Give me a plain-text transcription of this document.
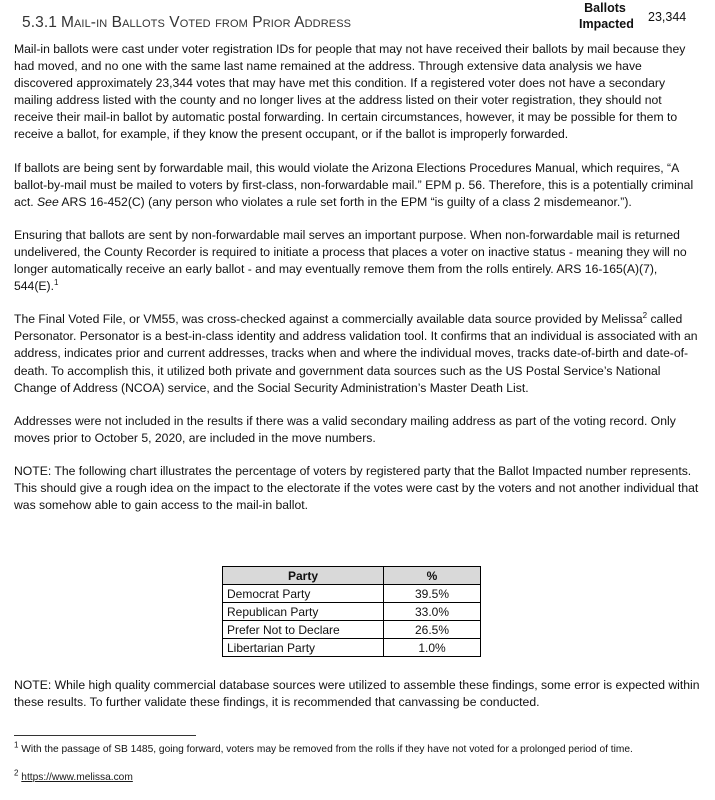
5.3.1 Mail-in Ballots Voted from Prior Address
Ballots Impacted 23,344

Mail-in ballots were cast under voter registration IDs for people that may not have received their ballots by mail because they had moved, and no one with the same last name remained at the address. Through extensive data analysis we have discovered approximately 23,344 votes that may have met this condition. If a registered voter does not have a secondary mailing address listed with the county and no longer lives at the address listed on their voter registration, they should not receive their mail-in ballot by automatic postal forwarding. In certain circumstances, however, it may be possible for them to receive a ballot, for example, if they know the present occupant, or if the ballot is improperly forwarded.

If ballots are being sent by forwardable mail, this would violate the Arizona Elections Procedures Manual, which requires, “A ballot-by-mail must be mailed to voters by first-class, non-forwardable mail.” EPM p. 56. Therefore, this is a potentially criminal act. See ARS 16-452(C) (any person who violates a rule set forth in the EPM “is guilty of a class 2 misdemeanor.”).

Ensuring that ballots are sent by non-forwardable mail serves an important purpose. When non-forwardable mail is returned undelivered, the County Recorder is required to initiate a process that places a voter on inactive status - meaning they will no longer automatically receive an early ballot - and may eventually remove them from the rolls entirely. ARS 16-165(A)(7), 544(E).$^1$

The Final Voted File, or VM55, was cross-checked against a commercially available data source provided by Melissa$^2$ called Personator. Personator is a best-in-class identity and address validation tool. It confirms that an individual is associated with an address, indicates prior and current addresses, tracks when and where the individual moves, tracks date-of-birth and date-of-death. To accomplish this, it utilized both private and government data sources such as the US Postal Service’s National Change of Address (NCOA) service, and the Social Security Administration’s Master Death List.

Addresses were not included in the results if there was a valid secondary mailing address as part of the voting record. Only moves prior to October 5, 2020, are included in the move numbers.

NOTE: The following chart illustrates the percentage of voters by registered party that the Ballot Impacted number represents. This should give a rough idea on the impact to the electorate if the votes were cast by the voters and not another individual that was somehow able to gain access to the mail-in ballot.

Party	%
Democrat Party	39.5%
Republican Party	33.0%
Prefer Not to Declare	26.5%
Libertarian Party	1.0%
NOTE: While high quality commercial database sources were utilized to assemble these findings, some error is expected within these results. To further validate these findings, it is recommended that canvassing be conducted.
$^1$ With the passage of SB 1485, going forward, voters may be removed from the rolls if they have not voted for a prolonged period of time.
$^2$ https://www.melissa.com
